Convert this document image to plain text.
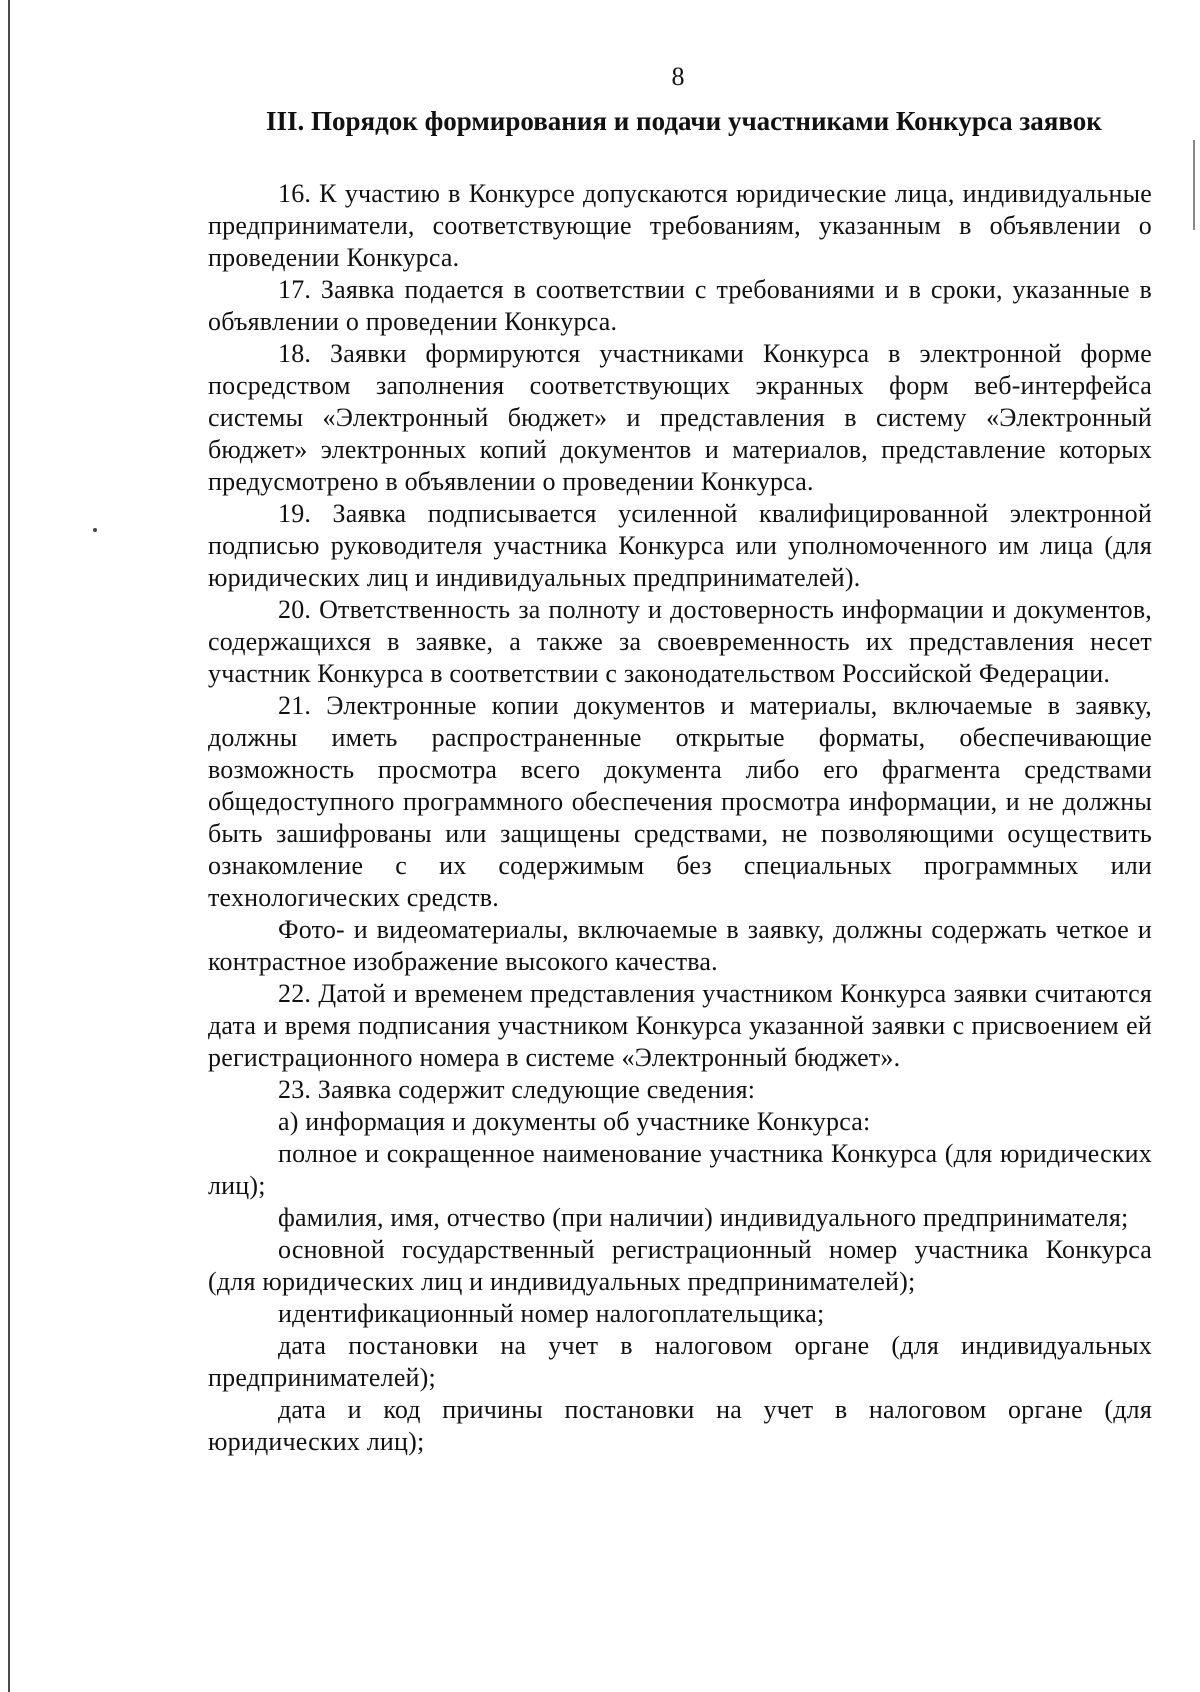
8
III. Порядок формирования и подачи участниками Конкурса заявок

16. К участию в Конкурсе допускаются юридические лица, индивидуальные предприниматели, соответствующие требованиям, указанным в объявлении о проведении Конкурса.

17. Заявка подается в соответствии с требованиями и в сроки, указанные в объявлении о проведении Конкурса.

18. Заявки формируются участниками Конкурса в электронной форме посредством заполнения соответствующих экранных форм веб-интерфейса системы «Электронный бюджет» и представления в систему «Электронный бюджет» электронных копий документов и материалов, представление которых предусмотрено в объявлении о проведении Конкурса.

19. Заявка подписывается усиленной квалифицированной электронной подписью руководителя участника Конкурса или уполномоченного им лица (для юридических лиц и индивидуальных предпринимателей).

20. Ответственность за полноту и достоверность информации и документов, содержащихся в заявке, а также за своевременность их представления несет участник Конкурса в соответствии с законодательством Российской Федерации.

21. Электронные копии документов и материалы, включаемые в заявку, должны иметь распространенные открытые форматы, обеспечивающие возможность просмотра всего документа либо его фрагмента средствами общедоступного программного обеспечения просмотра информации, и не должны быть зашифрованы или защищены средствами, не позволяющими осуществить ознакомление с их содержимым без специальных программных или технологических средств.

Фото- и видеоматериалы, включаемые в заявку, должны содержать четкое и контрастное изображение высокого качества.

22. Датой и временем представления участником Конкурса заявки считаются дата и время подписания участником Конкурса указанной заявки с присвоением ей регистрационного номера в системе «Электронный бюджет».

23. Заявка содержит следующие сведения:

а) информация и документы об участнике Конкурса:

полное и сокращенное наименование участника Конкурса (для юридических лиц);

фамилия, имя, отчество (при наличии) индивидуального предпринимателя;

основной государственный регистрационный номер участника Конкурса (для юридических лиц и индивидуальных предпринимателей);

идентификационный номер налогоплательщика;

дата постановки на учет в налоговом органе (для индивидуальных предпринимателей);

дата и код причины постановки на учет в налоговом органе (для юридических лиц);
